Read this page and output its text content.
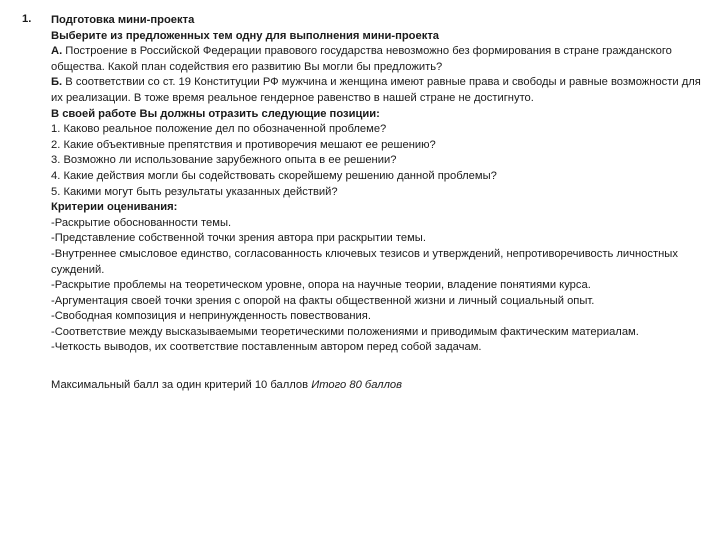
1. Подготовка мини-проекта

Выберите из предложенных тем одну для выполнения мини-проекта

А. Построение в Российской Федерации правового государства невозможно без формирования в стране гражданского общества. Какой план содействия его развитию Вы могли бы предложить?

Б. В соответствии со ст. 19 Конституции РФ мужчина и женщина имеют равные права и свободы и равные возможности для их реализации. В тоже время реальное гендерное равенство в нашей стране не достигнуто.

В своей работе Вы должны отразить следующие позиции:

1. Каково реальное положение дел по обозначенной проблеме?

2. Какие объективные препятствия и противоречия мешают ее решению?

3. Возможно ли использование зарубежного опыта в ее решении?

4. Какие действия могли бы содействовать скорейшему решению данной проблемы?

5. Какими могут быть результаты указанных действий?

Критерии оценивания:

-Раскрытие обоснованности темы.

-Представление собственной точки зрения автора при раскрытии темы.

-Внутреннее смысловое единство, согласованность ключевых тезисов и утверждений, непротиворечивость личностных суждений.

-Раскрытие проблемы на теоретическом уровне, опора на научные теории, владение понятиями курса.

-Аргументация своей точки зрения с опорой на факты общественной жизни и личный социальный опыт.

-Свободная композиция и непринужденность повествования.

-Соответствие между высказываемыми теоретическими положениями и приводимым фактическим материалам.

-Четкость выводов, их соответствие поставленным автором перед собой задачам.

Максимальный балл за один критерий 10 баллов Итого 80 баллов
